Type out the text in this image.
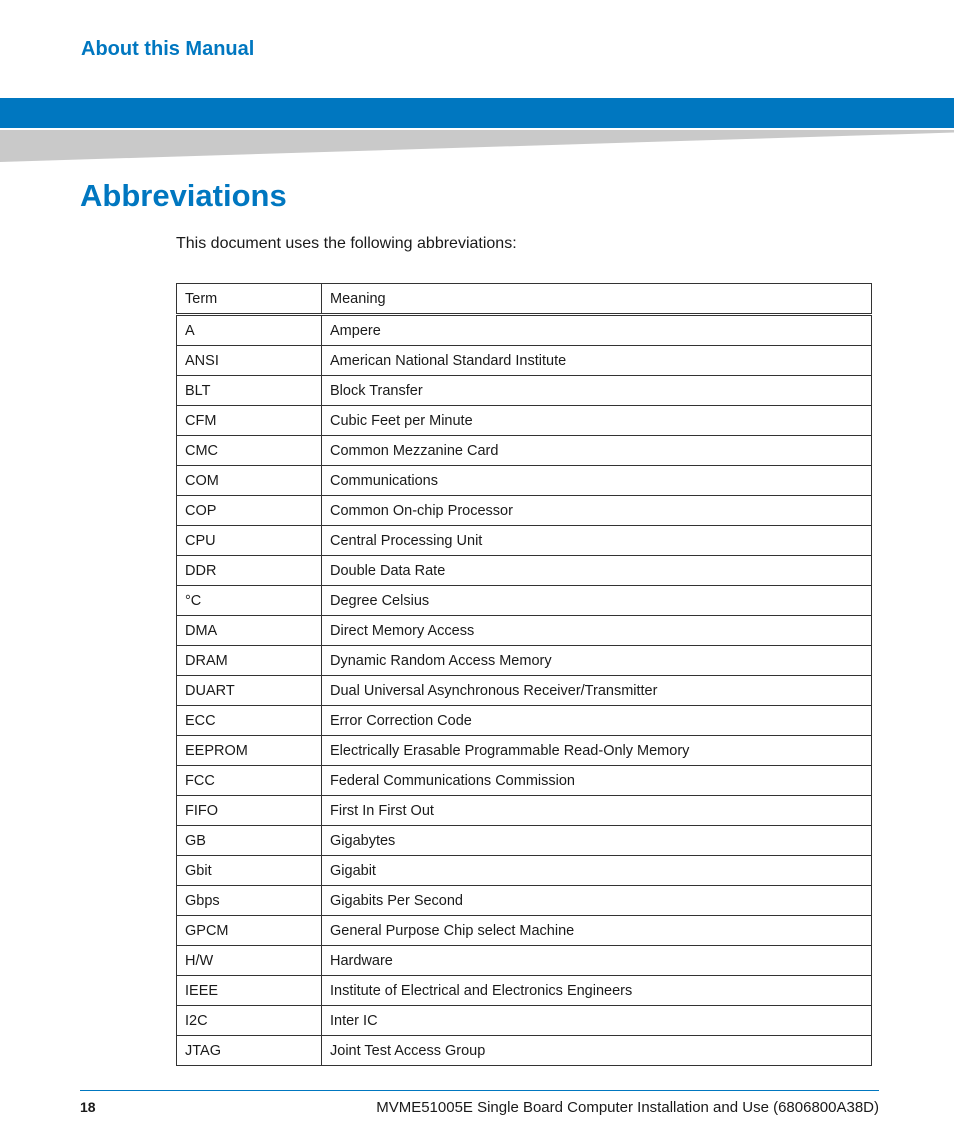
About this Manual
Abbreviations

This document uses the following abbreviations:

Term	Meaning
A	Ampere
ANSI	American National Standard Institute
BLT	Block Transfer
CFM	Cubic Feet per Minute
CMC	Common Mezzanine Card
COM	Communications
COP	Common On-chip Processor
CPU	Central Processing Unit
DDR	Double Data Rate
°C	Degree Celsius
DMA	Direct Memory Access
DRAM	Dynamic Random Access Memory
DUART	Dual Universal Asynchronous Receiver/Transmitter
ECC	Error Correction Code
EEPROM	Electrically Erasable Programmable Read-Only Memory
FCC	Federal Communications Commission
FIFO	First In First Out
GB	Gigabytes
Gbit	Gigabit
Gbps	Gigabits Per Second
GPCM	General Purpose Chip select Machine
H/W	Hardware
IEEE	Institute of Electrical and Electronics Engineers
I2C	Inter IC
JTAG	Joint Test Access Group
18	MVME51005E Single Board Computer Installation and Use (6806800A38D)
